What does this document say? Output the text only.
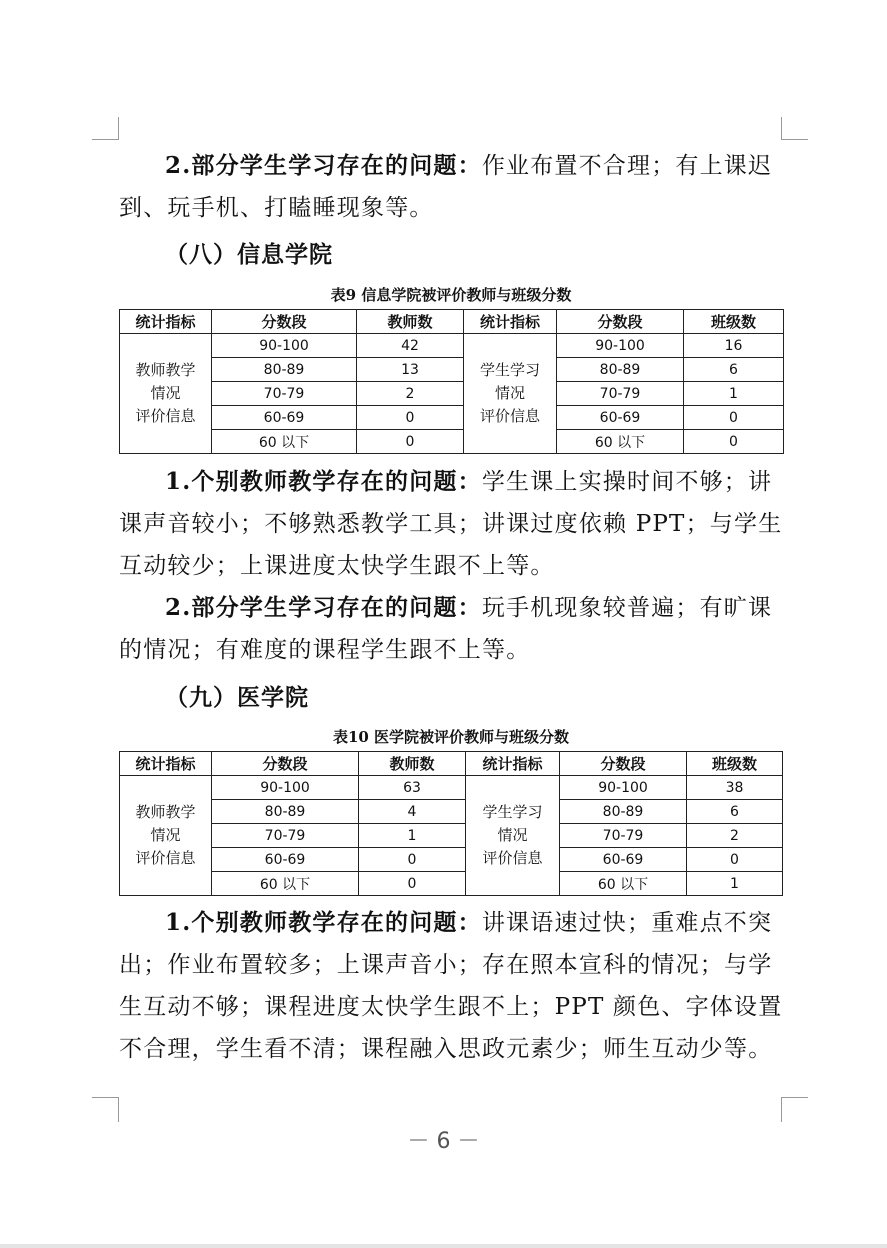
2.部分学生学习存在的问题：作业布置不合理；有上课迟到、玩手机、打瞌睡现象等。
（八）信息学院
表9 信息学院被评价教师与班级分数
统计指标	分数段	教师数	统计指标	分数段	班级数
教师教学
情况
评价信息	90-100	42	学生学习
情况
评价信息	90-100	16
	80-89	13		80-89	6
	70-79	2		70-79	1
	60-69	0		60-69	0
	60 以下	0		60 以下	0
1.个别教师教学存在的问题：学生课上实操时间不够；讲课声音较小；不够熟悉教学工具；讲课过度依赖 PPT；与学生互动较少；上课进度太快学生跟不上等。
2.部分学生学习存在的问题：玩手机现象较普遍；有旷课的情况；有难度的课程学生跟不上等。
（九）医学院
表10 医学院被评价教师与班级分数
统计指标	分数段	教师数	统计指标	分数段	班级数
教师教学
情况
评价信息	90-100	63	学生学习
情况
评价信息	90-100	38
	80-89	4		80-89	6
	70-79	1		70-79	2
	60-69	0		60-69	0
	60 以下	0		60 以下	1
1.个别教师教学存在的问题：讲课语速过快；重难点不突出；作业布置较多；上课声音小；存在照本宣科的情况；与学生互动不够；课程进度太快学生跟不上；PPT 颜色、字体设置不合理，学生看不清；课程融入思政元素少；师生互动少等。
－ 6 －
